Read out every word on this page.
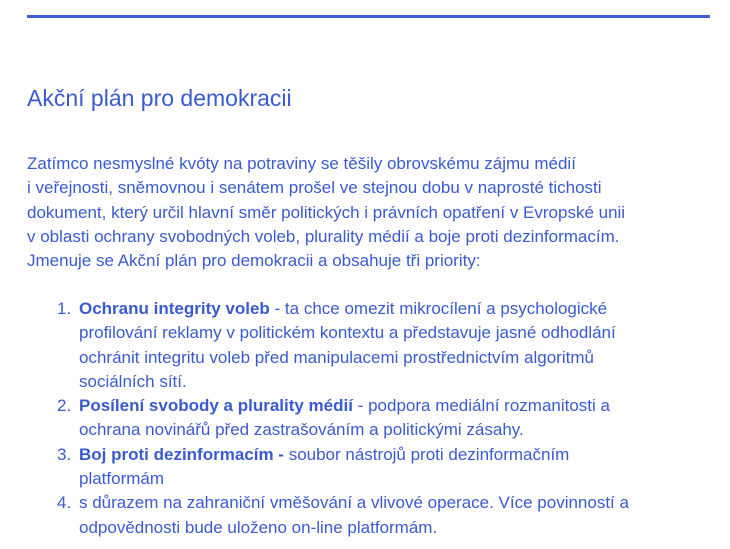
Akční plán pro demokracii

Zatímco nesmyslné kvóty na potraviny se těšily obrovskému zájmu médií
i veřejnosti, sněmovnou i senátem prošel ve stejnou dobu v naprosté tichosti
dokument, který určil hlavní směr politických i právních opatření v Evropské unii
v oblasti ochrany svobodných voleb, plurality médií a boje proti dezinformacím.
Jmenuje se Akční plán pro demokracii a obsahuje tři priority:

1. Ochranu integrity voleb - ta chce omezit mikrocílení a psychologické
profilování reklamy v politickém kontextu a představuje jasné odhodlání
ochránit integritu voleb před manipulacemi prostřednictvím algoritmů
sociálních sítí.
2. Posílení svobody a plurality médií - podpora mediální rozmanitosti a
ochrana novinářů před zastrašováním a politickými zásahy.
3. Boj proti dezinformacím - soubor nástrojů proti dezinformačním
platformám
4. s důrazem na zahraniční vměšování a vlivové operace. Více povinností a
odpovědnosti bude uloženo on-line platformám.
